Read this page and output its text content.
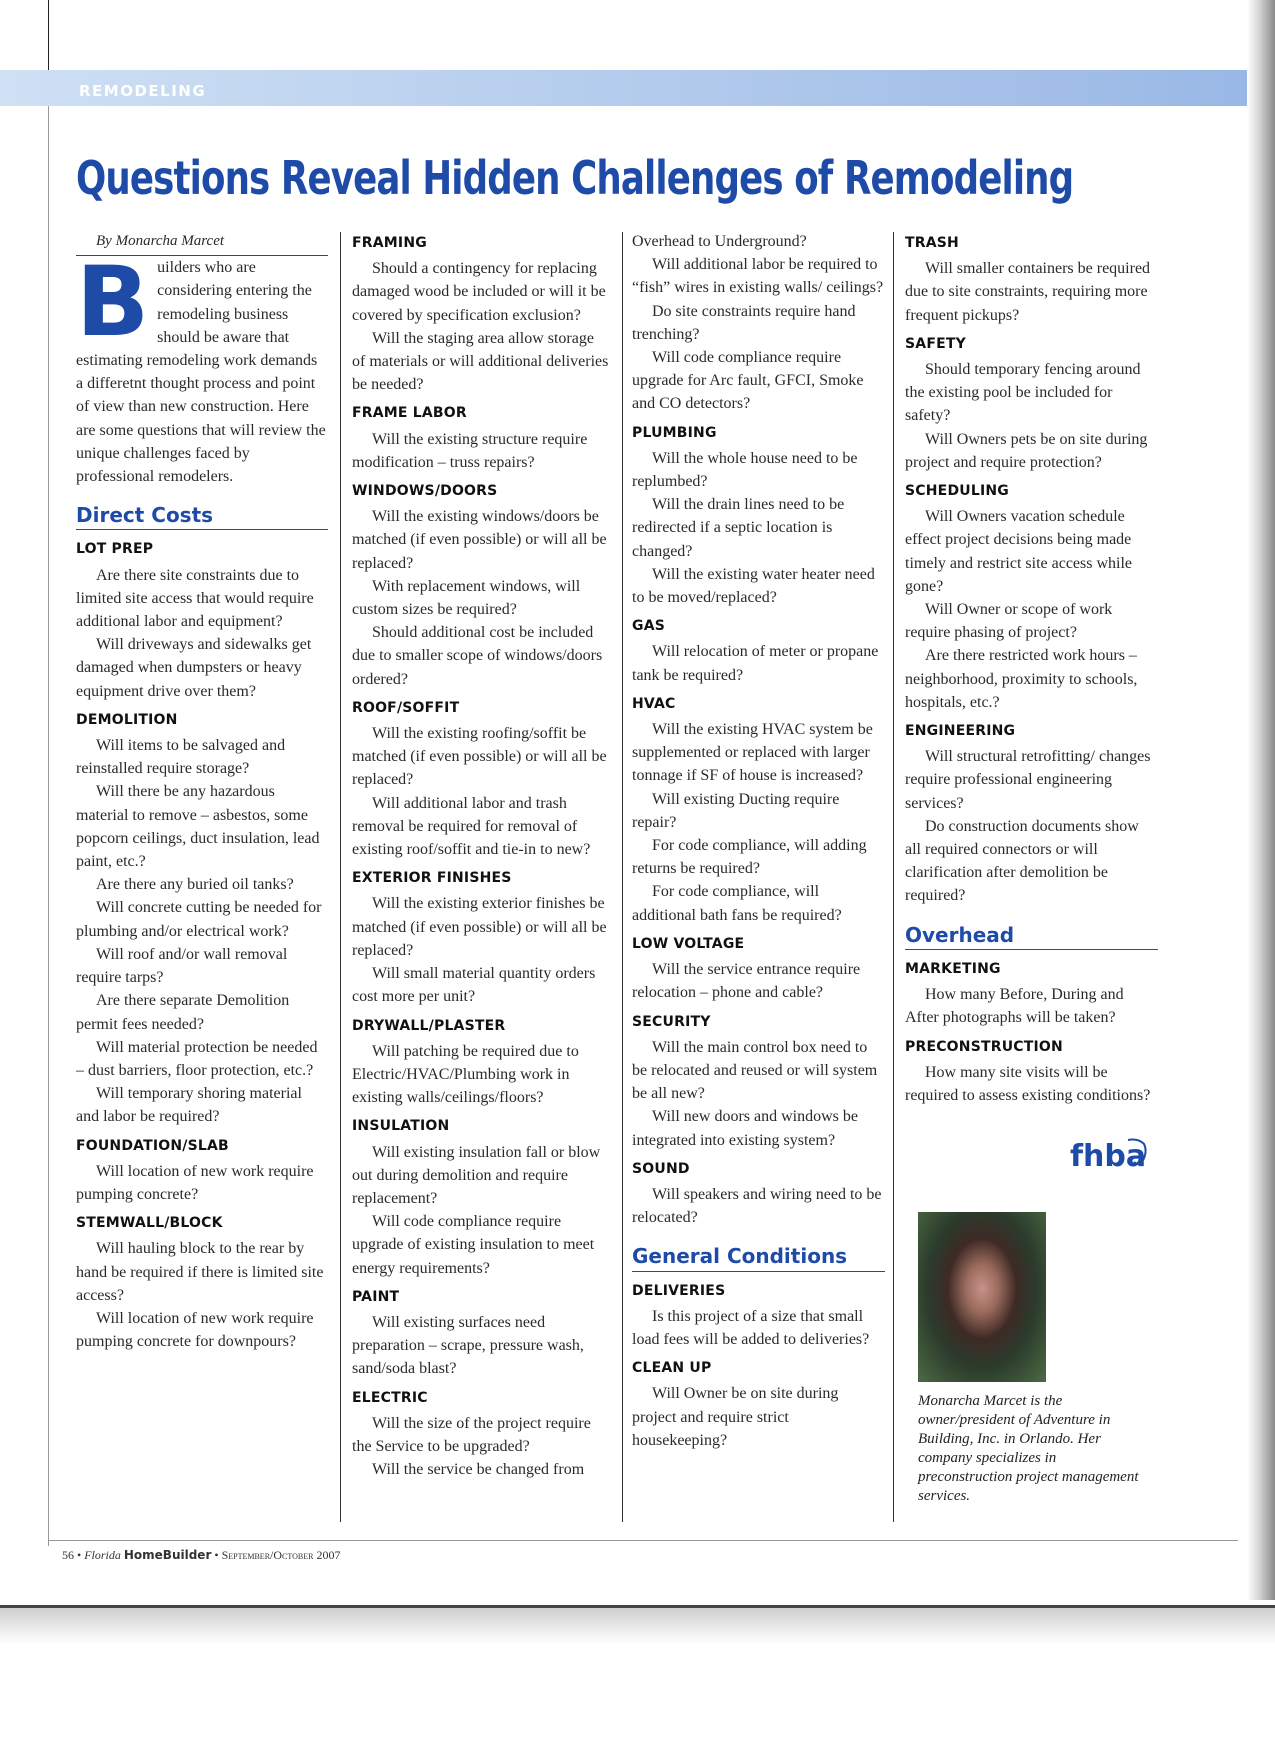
REMODELING
Questions Reveal Hidden Challenges of Remodeling

By Monarcha Marcet

Builders who are considering entering the remodeling business should be aware that estimating remodeling work demands a differetnt thought process and point of view than new construction. Here are some questions that will review the unique challenges faced by professional remodelers.

Direct Costs
LOT PREP

Are there site constraints due to limited site access that would require additional labor and equipment?

Will driveways and sidewalks get damaged when dumpsters or heavy equipment drive over them?

DEMOLITION

Will items to be salvaged and reinstalled require storage?

Will there be any hazardous material to remove – asbestos, some popcorn ceilings, duct insulation, lead paint, etc.?

Are there any buried oil tanks?

Will concrete cutting be needed for plumbing and/or electrical work?

Will roof and/or wall removal require tarps?

Are there separate Demolition permit fees needed?

Will material protection be needed – dust barriers, floor protection, etc.?

Will temporary shoring material and labor be required?

FOUNDATION/SLAB

Will location of new work require pumping concrete?

STEMWALL/BLOCK

Will hauling block to the rear by hand be required if there is limited site access?

Will location of new work require pumping concrete for downpours?

FRAMING

Should a contingency for replacing damaged wood be included or will it be covered by specification exclusion?

Will the staging area allow storage of materials or will additional deliveries be needed?

FRAME LABOR

Will the existing structure require modification – truss repairs?

WINDOWS/DOORS

Will the existing windows/doors be matched (if even possible) or will all be replaced?

With replacement windows, will custom sizes be required?

Should additional cost be included due to smaller scope of windows/doors ordered?

ROOF/SOFFIT

Will the existing roofing/soffit be matched (if even possible) or will all be replaced?

Will additional labor and trash removal be required for removal of existing roof/soffit and tie-in to new?

EXTERIOR FINISHES

Will the existing exterior finishes be matched (if even possible) or will all be replaced?

Will small material quantity orders cost more per unit?

DRYWALL/PLASTER

Will patching be required due to Electric/HVAC/Plumbing work in existing walls/ceilings/floors?

INSULATION

Will existing insulation fall or blow out during demolition and require replacement?

Will code compliance require upgrade of existing insulation to meet energy requirements?

PAINT

Will existing surfaces need preparation – scrape, pressure wash, sand/soda blast?

ELECTRIC

Will the size of the project require the Service to be upgraded?

Will the service be changed from

Overhead to Underground?

Will additional labor be required to “fish” wires in existing walls/ ceilings?

Do site constraints require hand trenching?

Will code compliance require upgrade for Arc fault, GFCI, Smoke and CO detectors?

PLUMBING

Will the whole house need to be replumbed?

Will the drain lines need to be redirected if a septic location is changed?

Will the existing water heater need to be moved/replaced?

GAS

Will relocation of meter or propane tank be required?

HVAC

Will the existing HVAC system be supplemented or replaced with larger tonnage if SF of house is increased?

Will existing Ducting require repair?

For code compliance, will adding returns be required?

For code compliance, will additional bath fans be required?

LOW VOLTAGE

Will the service entrance require relocation – phone and cable?

SECURITY

Will the main control box need to be relocated and reused or will system be all new?

Will new doors and windows be integrated into existing system?

SOUND

Will speakers and wiring need to be relocated?

General Conditions
DELIVERIES

Is this project of a size that small load fees will be added to deliveries?

CLEAN UP

Will Owner be on site during project and require strict housekeeping?

TRASH

Will smaller containers be required due to site constraints, requiring more frequent pickups?

SAFETY

Should temporary fencing around the existing pool be included for safety?

Will Owners pets be on site during project and require protection?

SCHEDULING

Will Owners vacation schedule effect project decisions being made timely and restrict site access while gone?

Will Owner or scope of work require phasing of project?

Are there restricted work hours – neighborhood, proximity to schools, hospitals, etc.?

ENGINEERING

Will structural retrofitting/ changes require professional engineering services?

Do construction documents show all required connectors or will clarification after demolition be required?

Overhead
MARKETING

How many Before, During and After photographs will be taken?

PRECONSTRUCTION

How many site visits will be required to assess existing conditions?

fhba

Monarcha Marcet is the owner/president of Adventure in Building, Inc. in Orlando. Her company specializes in preconstruction project management services.

56 • Florida HomeBuilder • September/October 2007
